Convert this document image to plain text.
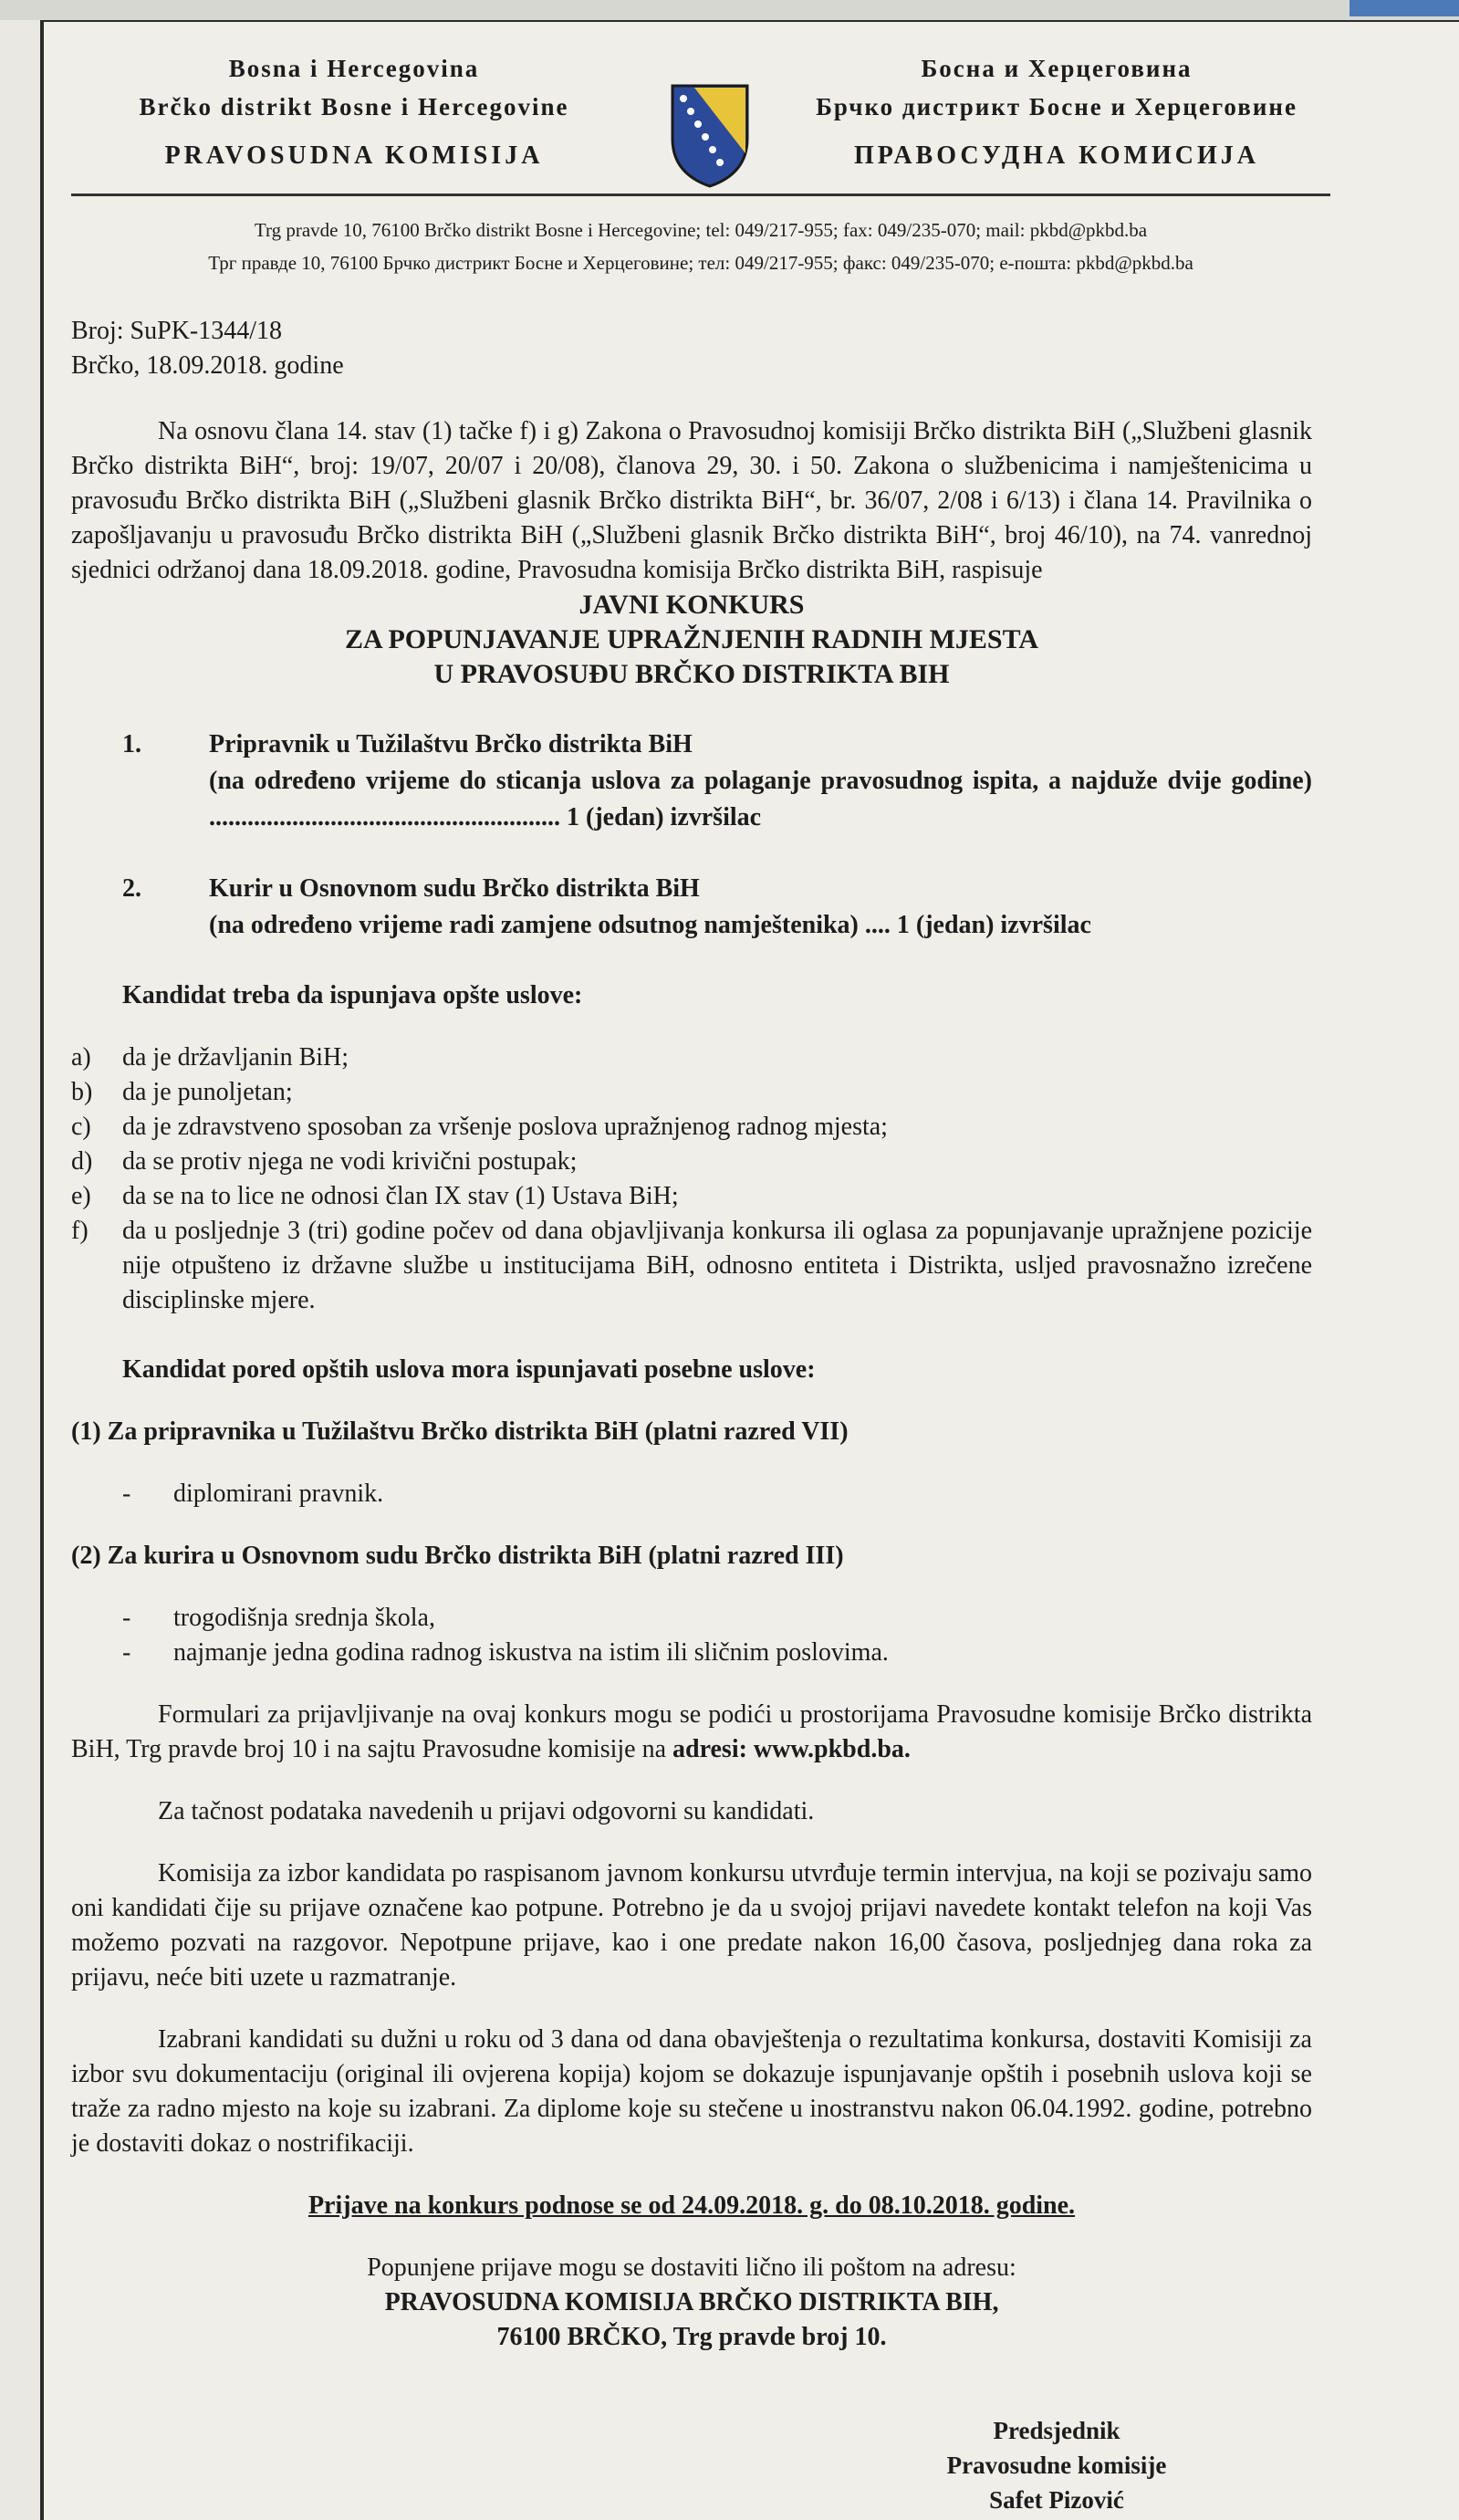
Bosna i Hercegovina
Brčko distrikt Bosne i Hercegovine
PRAVOSUDNA KOMISIJA
Босна и Херцеговина
Брчко дистрикт Босне и Херцеговине
ПРАВОСУДНА КОМИСИЈА

Trg pravde 10, 76100 Brčko distrikt Bosne i Hercegovine; tel: 049/217-955; fax: 049/235-070; mail: pkbd@pkbd.ba

Трг правде 10, 76100 Брчко дистрикт Босне и Херцеговине; тел: 049/217-955; факс: 049/235-070; е-пошта: pkbd@pkbd.ba

Broj: SuPK-1344/18
Brčko, 18.09.2018. godine

Na osnovu člana 14. stav (1) tačke f) i g) Zakona o Pravosudnoj komisiji Brčko distrikta BiH („Službeni glasnik Brčko distrikta BiH“, broj: 19/07, 20/07 i 20/08), članova 29, 30. i 50. Zakona o službenicima i namještenicima u pravosuđu Brčko distrikta BiH („Službeni glasnik Brčko distrikta BiH“, br. 36/07, 2/08 i 6/13) i člana 14. Pravilnika o zapošljavanju u pravosuđu Brčko distrikta BiH („Službeni glasnik Brčko distrikta BiH“, broj 46/10), na 74. vanrednoj sjednici održanoj dana 18.09.2018. godine, Pravosudna komisija Brčko distrikta BiH, raspisuje

JAVNI KONKURS

ZA POPUNJAVANJE UPRAŽNJENIH RADNIH MJESTA

U PRAVOSUĐU BRČKO DISTRIKTA BIH

1.	Pripravnik u Tužilaštvu Brčko distrikta BiH
(na određeno vrijeme do sticanja uslova za polaganje pravosudnog ispita, a najduže dvije godine) ....................................................... 1 (jedan) izvršilac
2.	Kurir u Osnovnom sudu Brčko distrikta BiH
(na određeno vrijeme radi zamjene odsutnog namještenika) .... 1 (jedan) izvršilac

Kandidat treba da ispunjava opšte uslove:

a)	da je državljanin BiH;
b)	da je punoljetan;
c)	da je zdravstveno sposoban za vršenje poslova upražnjenog radnog mjesta;
d)	da se protiv njega ne vodi krivični postupak;
e)	da se na to lice ne odnosi član IX stav (1) Ustava BiH;
f)	da u posljednje 3 (tri) godine počev od dana objavljivanja konkursa ili oglasa za popunjavanje upražnjene pozicije nije otpušteno iz državne službe u institucijama BiH, odnosno entiteta i Distrikta, usljed pravosnažno izrečene disciplinske mjere.

Kandidat pored opštih uslova mora ispunjavati posebne uslove:

(1) Za pripravnika u Tužilaštvu Brčko distrikta BiH (platni razred VII)

-	diplomirani pravnik.

(2) Za kurira u Osnovnom sudu Brčko distrikta BiH (platni razred III)

-	trogodišnja srednja škola,
-	najmanje jedna godina radnog iskustva na istim ili sličnim poslovima.

Formulari za prijavljivanje na ovaj konkurs mogu se podići u prostorijama Pravosudne komisije Brčko distrikta BiH, Trg pravde broj 10 i na sajtu Pravosudne komisije na adresi: www.pkbd.ba.

Za tačnost podataka navedenih u prijavi odgovorni su kandidati.

Komisija za izbor kandidata po raspisanom javnom konkursu utvrđuje termin intervjua, na koji se pozivaju samo oni kandidati čije su prijave označene kao potpune. Potrebno je da u svojoj prijavi navedete kontakt telefon na koji Vas možemo pozvati na razgovor. Nepotpune prijave, kao i one predate nakon 16,00 časova, posljednjeg dana roka za prijavu, neće biti uzete u razmatranje.

Izabrani kandidati su dužni u roku od 3 dana od dana obavještenja o rezultatima konkursa, dostaviti Komisiji za izbor svu dokumentaciju (original ili ovjerena kopija) kojom se dokazuje ispunjavanje opštih i posebnih uslova koji se traže za radno mjesto na koje su izabrani. Za diplome koje su stečene u inostranstvu nakon 06.04.1992. godine, potrebno je dostaviti dokaz o nostrifikaciji.

Prijave na konkurs podnose se od 24.09.2018. g. do 08.10.2018. godine.

Popunjene prijave mogu se dostaviti lično ili poštom na adresu:

PRAVOSUDNA KOMISIJA BRČKO DISTRIKTA BIH,

76100 BRČKO, Trg pravde broj 10.

Predsjednik
Pravosudne komisije
Safet Pizović
